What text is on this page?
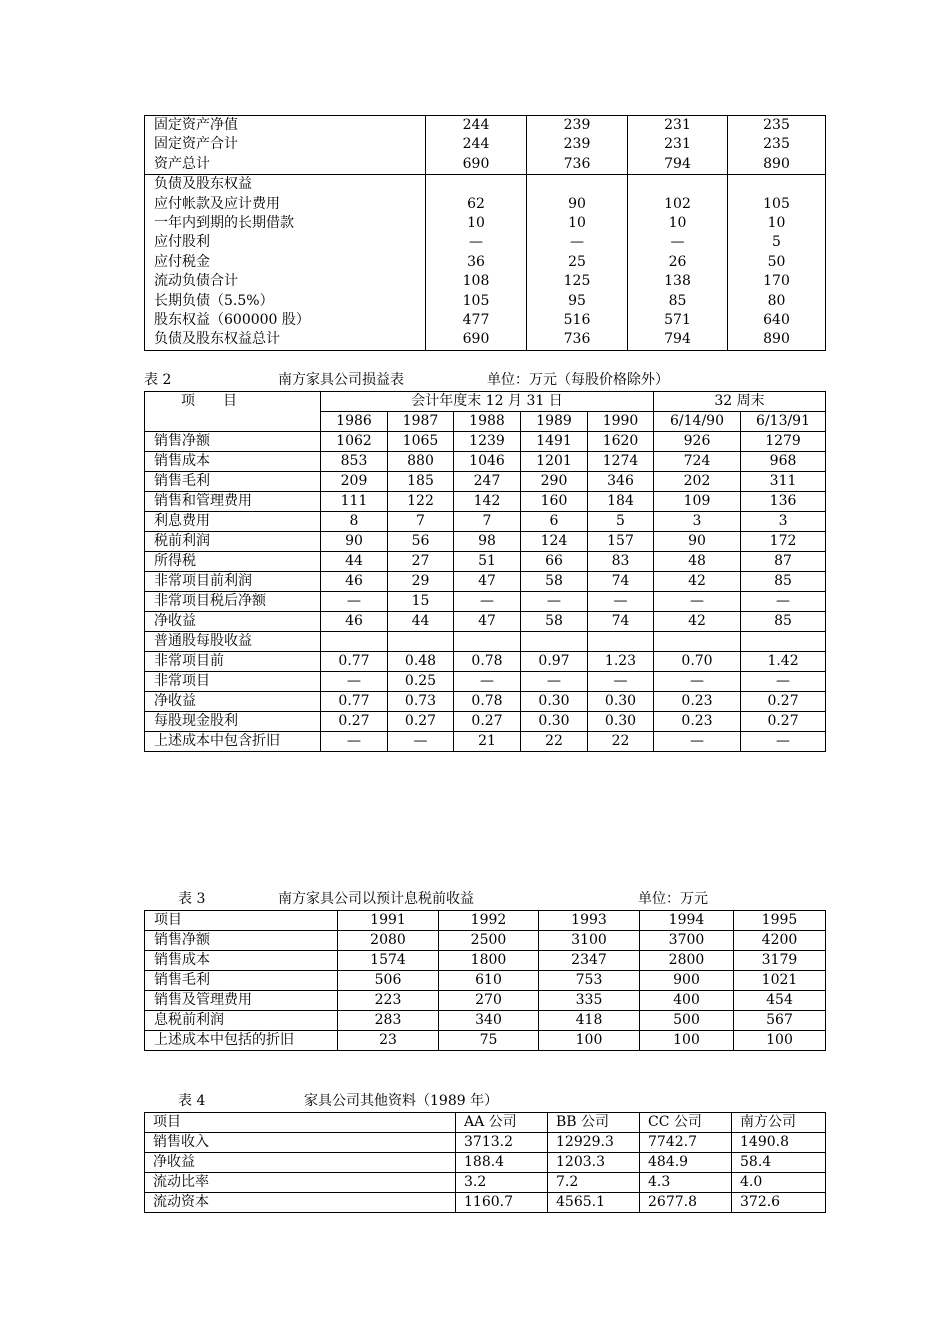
固定资产净值	244	239	231	235
固定资产合计	244	239	231	235
资产总计	690	736	794	890
负债及股东权益				
应付帐款及应计费用	62	90	102	105
一年内到期的长期借款	10	10	10	10
应付股利	—	—	—	5
应付税金	36	25	26	50
流动负债合计	108	125	138	170
长期负债（5.5%）	105	95	85	80
股东权益（600000 股）	477	516	571	640
负债及股东权益总计	690	736	794	890
表 2	南方家具公司损益表	单位：万元（每股价格除外）
项　　目	会计年度末 12 月 31 日					32 周末	
	1986	1987	1988	1989	1990	6/14/90	6/13/91
销售净额	1062	1065	1239	1491	1620	926	1279
销售成本	853	880	1046	1201	1274	724	968
销售毛利	209	185	247	290	346	202	311
销售和管理费用	111	122	142	160	184	109	136
利息费用	8	7	7	6	5	3	3
税前利润	90	56	98	124	157	90	172
所得税	44	27	51	66	83	48	87
非常项目前利润	46	29	47	58	74	42	85
非常项目税后净额	—	15	—	—	—	—	—
净收益	46	44	47	58	74	42	85
普通股每股收益							
非常项目前	0.77	0.48	0.78	0.97	1.23	0.70	1.42
非常项目	—	0.25	—	—	—	—	—
净收益	0.77	0.73	0.78	0.30	0.30	0.23	0.27
每股现金股利	0.27	0.27	0.27	0.30	0.30	0.23	0.27
上述成本中包含折旧	—	—	21	22	22	—	—
表 3	南方家具公司以预计息税前收益	单位：万元
项目	1991	1992	1993	1994	1995
销售净额	2080	2500	3100	3700	4200
销售成本	1574	1800	2347	2800	3179
销售毛利	506	610	753	900	1021
销售及管理费用	223	270	335	400	454
息税前利润	283	340	418	500	567
上述成本中包括的折旧	23	75	100	100	100
表 4	家具公司其他资料（1989 年）
项目	AA 公司	BB 公司	CC 公司	南方公司
销售收入	3713.2	12929.3	7742.7	1490.8
净收益	188.4	1203.3	484.9	58.4
流动比率	3.2	7.2	4.3	4.0
流动资本	1160.7	4565.1	2677.8	372.6
